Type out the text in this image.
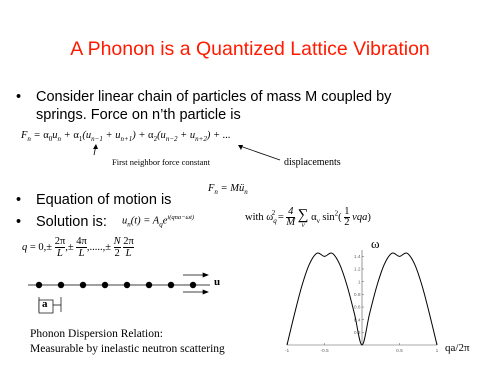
A Phonon is a Quantized Lattice Vibration
• Consider linear chain of particles of mass M coupled by
springs. Force on n’th particle is
$F_n = \alpha_0u_n + \alpha_1(u_{n-1} + u_{n+1}) + \alpha_2(u_{n-2} + u_{n+2})$ + ...
First neighbor force constant	displacements
• Equation of motion is
$F_n$ = $Mü_n$
• Solution is: $u_n(t) = A_qe^{i(qna-\omega t)}$	with $\omega_q^2 = \frac{4}{M}$
∑
ν
$\alpha_\nu$ $\sin^2( \frac{1}{2} \nu qa)$
$q = 0,\pm \frac{2\pi}{L}$ ,± $\frac{4\pi}{L}$ ,.....,± $\frac{N}{2}$
$\frac{2\pi}{L}$
u
a
Phonon Dispersion Relation:
Measurable by inelastic neutron scattering
0.2
0.4
0.6
0.8
1
1.2
1.4
-1	-0.5	0.5	1
ω
qa/2π
